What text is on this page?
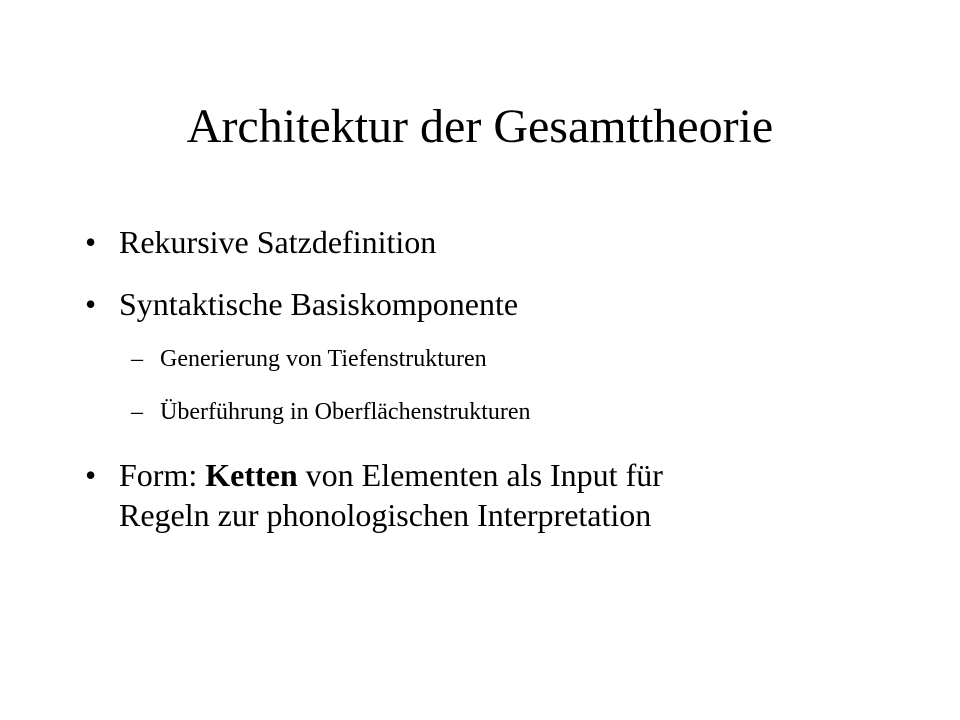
Architektur der Gesamttheorie
• Rekursive Satzdefinition
• Syntaktische Basiskomponente
– Generierung von Tiefenstrukturen
– Überführung in Oberflächenstrukturen
• Form: Ketten von Elementen als Input für
Regeln zur phonologischen Interpretation
